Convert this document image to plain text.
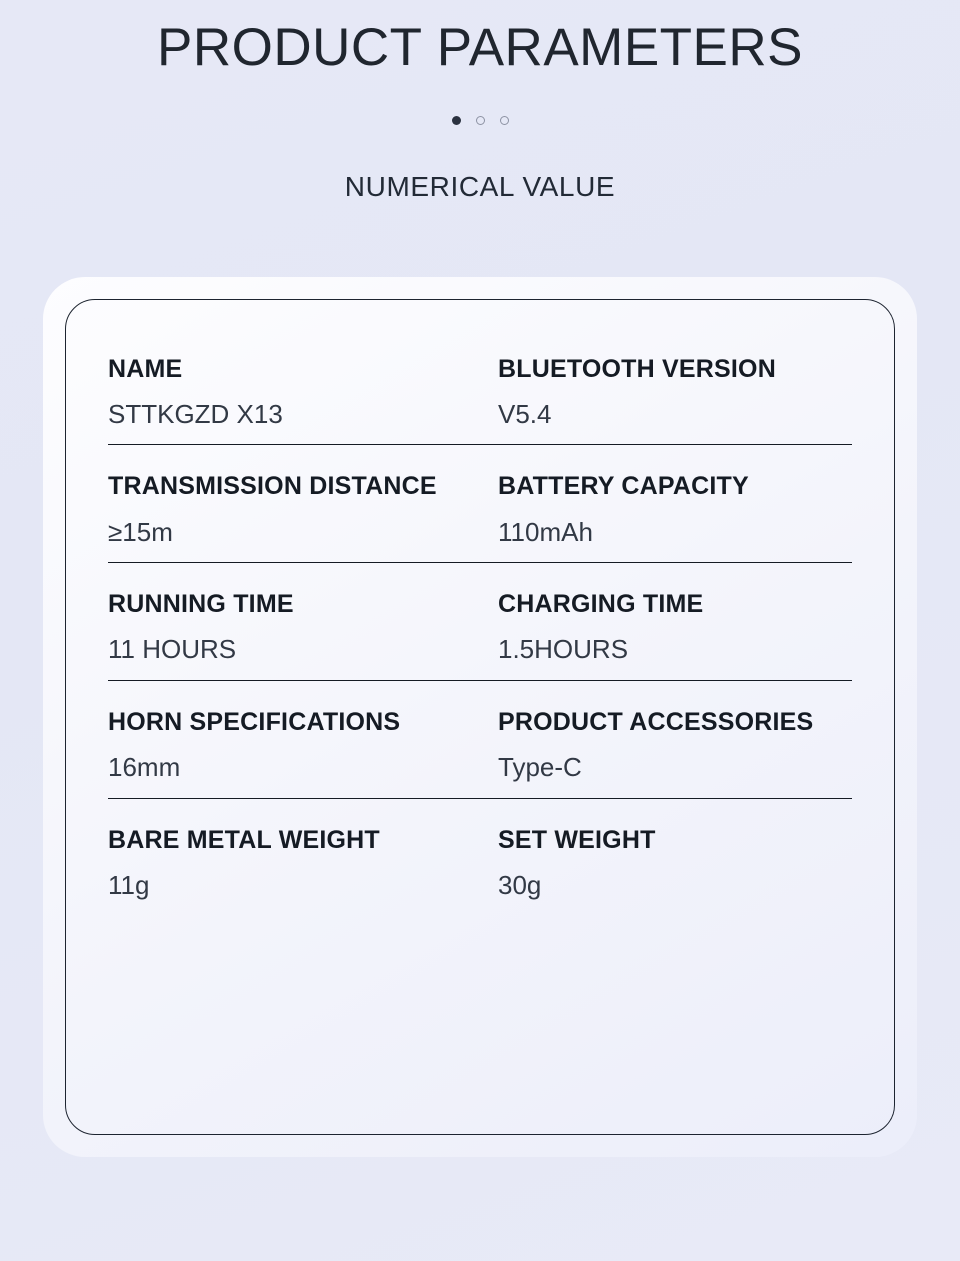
PRODUCT PARAMETERS
NUMERICAL VALUE
NAME
STTKGZD X13
BLUETOOTH VERSION
V5.4
TRANSMISSION DISTANCE
≥15m
BATTERY CAPACITY
110mAh
RUNNING TIME
11 HOURS
CHARGING TIME
1.5HOURS
HORN SPECIFICATIONS
16mm
PRODUCT ACCESSORIES
Type-C
BARE METAL WEIGHT
11g
SET WEIGHT
30g
